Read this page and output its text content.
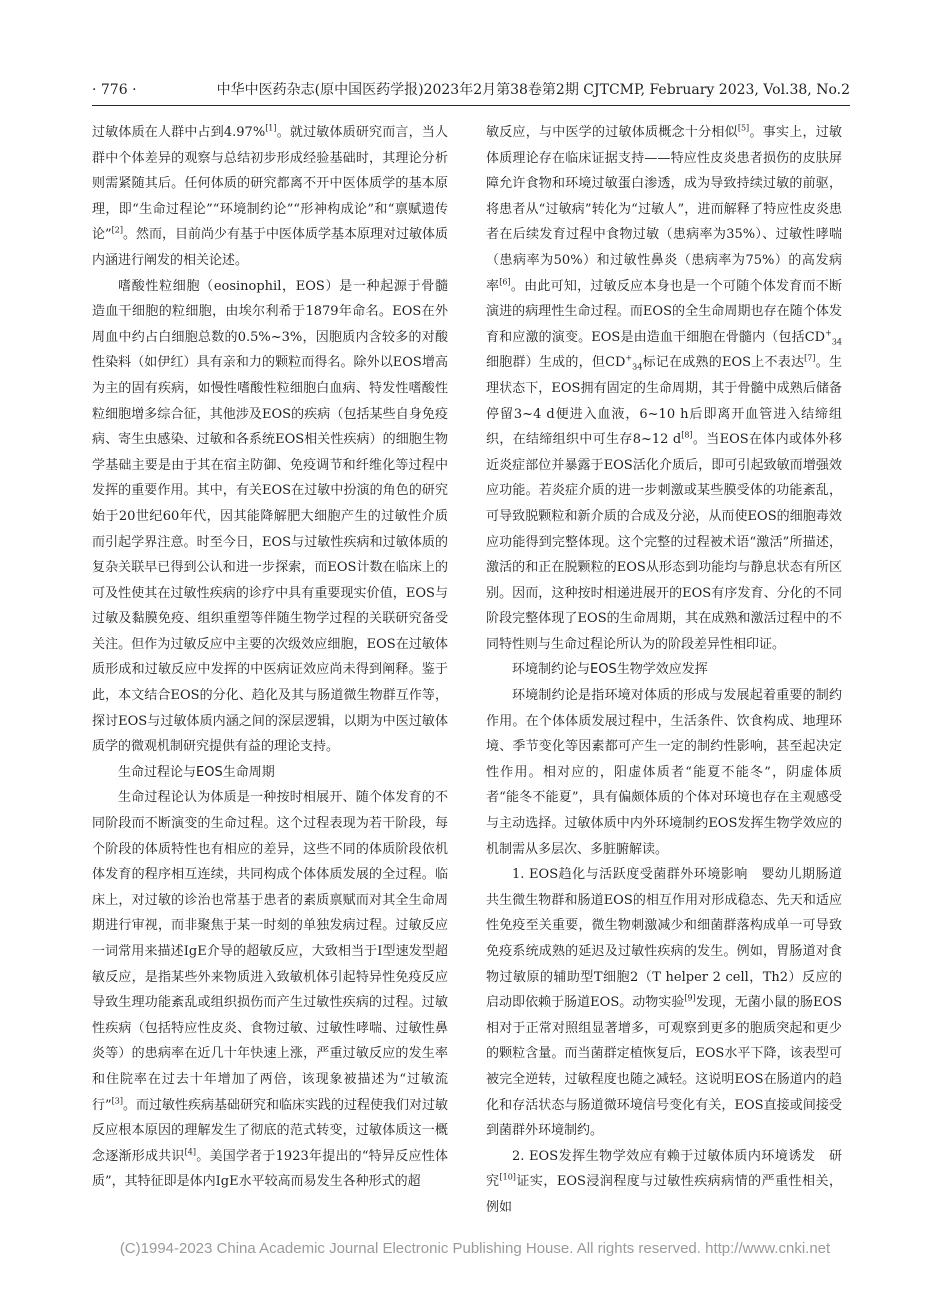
· 776 ·	中华中医药杂志(原中国医药学报)2023年2月第38卷第2期 CJTCMP, February 2023, Vol.38, No.2

过敏体质在人群中占到4.97%[1]。就过敏体质研究而言，当人群中个体差异的观察与总结初步形成经验基础时，其理论分析则需紧随其后。任何体质的研究都离不开中医体质学的基本原理，即“生命过程论”“环境制约论”“形神构成论”和“禀赋遗传论”[2]。然而，目前尚少有基于中医体质学基本原理对过敏体质内涵进行阐发的相关论述。

嗜酸性粒细胞（eosinophil，EOS）是一种起源于骨髓造血干细胞的粒细胞，由埃尔利希于1879年命名。EOS在外周血中约占白细胞总数的0.5%~3%，因胞质内含较多的对酸性染料（如伊红）具有亲和力的颗粒而得名。除外以EOS增高为主的固有疾病，如慢性嗜酸性粒细胞白血病、特发性嗜酸性粒细胞增多综合征，其他涉及EOS的疾病（包括某些自身免疫病、寄生虫感染、过敏和各系统EOS相关性疾病）的细胞生物学基础主要是由于其在宿主防御、免疫调节和纤维化等过程中发挥的重要作用。其中，有关EOS在过敏中扮演的角色的研究始于20世纪60年代，因其能降解肥大细胞产生的过敏性介质而引起学界注意。时至今日，EOS与过敏性疾病和过敏体质的复杂关联早已得到公认和进一步探索，而EOS计数在临床上的可及性使其在过敏性疾病的诊疗中具有重要现实价值，EOS与过敏及黏膜免疫、组织重塑等伴随生物学过程的关联研究备受关注。但作为过敏反应中主要的次级效应细胞，EOS在过敏体质形成和过敏反应中发挥的中医病证效应尚未得到阐释。鉴于此，本文结合EOS的分化、趋化及其与肠道微生物群互作等，探讨EOS与过敏体质内涵之间的深层逻辑，以期为中医过敏体质学的微观机制研究提供有益的理论支持。

生命过程论与EOS生命周期

生命过程论认为体质是一种按时相展开、随个体发育的不同阶段而不断演变的生命过程。这个过程表现为若干阶段，每个阶段的体质特性也有相应的差异，这些不同的体质阶段依机体发育的程序相互连续，共同构成个体体质发展的全过程。临床上，对过敏的诊治也常基于患者的素质禀赋而对其全生命周期进行审视，而非聚焦于某一时刻的单独发病过程。过敏反应一词常用来描述IgE介导的超敏反应，大致相当于Ⅰ型速发型超敏反应，是指某些外来物质进入致敏机体引起特异性免疫反应导致生理功能紊乱或组织损伤而产生过敏性疾病的过程。过敏性疾病（包括特应性皮炎、食物过敏、过敏性哮喘、过敏性鼻炎等）的患病率在近几十年快速上涨，严重过敏反应的发生率和住院率在过去十年增加了两倍，该现象被描述为“过敏流行”[3]。而过敏性疾病基础研究和临床实践的过程使我们对过敏反应根本原因的理解发生了彻底的范式转变，过敏体质这一概念逐渐形成共识[4]。美国学者于1923年提出的“特异反应性体质”，其特征即是体内IgE水平较高而易发生各种形式的超

敏反应，与中医学的过敏体质概念十分相似[5]。事实上，过敏体质理论存在临床证据支持——特应性皮炎患者损伤的皮肤屏障允许食物和环境过敏蛋白渗透，成为导致持续过敏的前驱，将患者从“过敏病”转化为“过敏人”，进而解释了特应性皮炎患者在后续发育过程中食物过敏（患病率为35%）、过敏性哮喘（患病率为50%）和过敏性鼻炎（患病率为75%）的高发病率[6]。由此可知，过敏反应本身也是一个可随个体发育而不断演进的病理性生命过程。而EOS的全生命周期也存在随个体发育和应激的演变。EOS是由造血干细胞在骨髓内（包括$CD^+_{34}$细胞群）生成的，但$CD^+_{34}$标记在成熟的EOS上不表达[7]。生理状态下，EOS拥有固定的生命周期，其于骨髓中成熟后储备停留3~4 d便进入血液，6~10 h后即离开血管进入结缔组织，在结缔组织中可生存8~12 d[8]。当EOS在体内或体外移近炎症部位并暴露于EOS活化介质后，即可引起致敏而增强效应功能。若炎症介质的进一步刺激或某些膜受体的功能紊乱，可导致脱颗粒和新介质的合成及分泌，从而使EOS的细胞毒效应功能得到完整体现。这个完整的过程被术语“激活”所描述，激活的和正在脱颗粒的EOS从形态到功能均与静息状态有所区别。因而，这种按时相递进展开的EOS有序发育、分化的不同阶段完整体现了EOS的生命周期，其在成熟和激活过程中的不同特性则与生命过程论所认为的阶段差异性相印证。

环境制约论与EOS生物学效应发挥

环境制约论是指环境对体质的形成与发展起着重要的制约作用。在个体体质发展过程中，生活条件、饮食构成、地理环境、季节变化等因素都可产生一定的制约性影响，甚至起决定性作用。相对应的，阳虚体质者“能夏不能冬”，阴虚体质者“能冬不能夏”，具有偏颇体质的个体对环境也存在主观感受与主动选择。过敏体质中内外环境制约EOS发挥生物学效应的机制需从多层次、多脏腑解读。

1. EOS趋化与活跃度受菌群外环境影响　婴幼儿期肠道共生微生物群和肠道EOS的相互作用对形成稳态、先天和适应性免疫至关重要，微生物刺激减少和细菌群落构成单一可导致免疫系统成熟的延迟及过敏性疾病的发生。例如，胃肠道对食物过敏原的辅助型T细胞2（T helper 2 cell，Th2）反应的启动即依赖于肠道EOS。动物实验[9]发现，无菌小鼠的肠EOS相对于正常对照组显著增多，可观察到更多的胞质突起和更少的颗粒含量。而当菌群定植恢复后，EOS水平下降，该表型可被完全逆转，过敏程度也随之减轻。这说明EOS在肠道内的趋化和存活状态与肠道微环境信号变化有关，EOS直接或间接受到菌群外环境制约。

2. EOS发挥生物学效应有赖于过敏体质内环境诱发　研究[10]证实，EOS浸润程度与过敏性疾病病情的严重性相关，例如

(C)1994-2023 China Academic Journal Electronic Publishing House. All rights reserved. http://www.cnki.net
